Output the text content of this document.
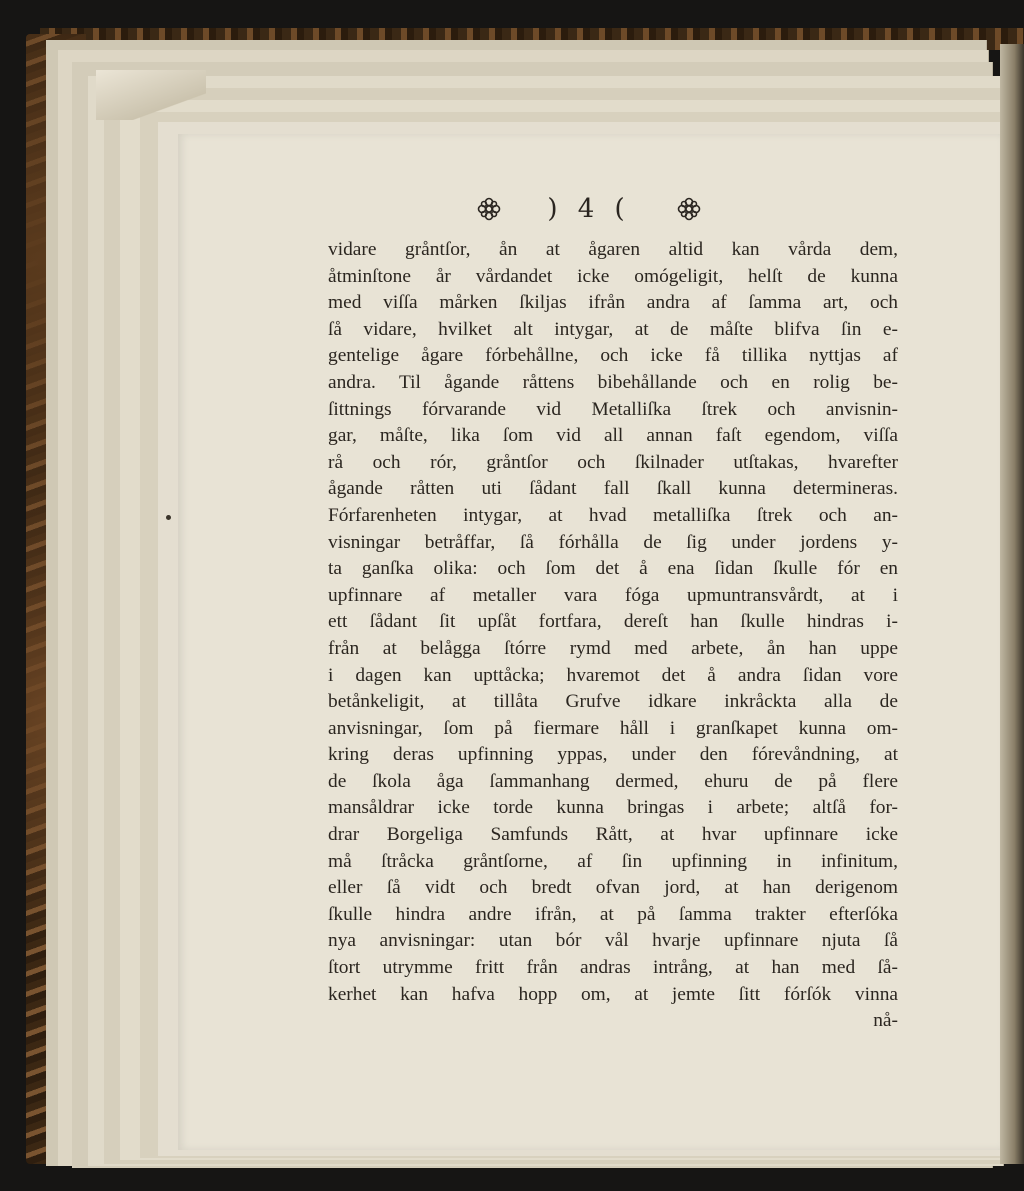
) 4 (
vidare gråntſor, ån at ågaren altid kan vårda dem,
åtminſtone år vårdandet icke omógeligit, helſt de kunna
med viſſa mårken ſkiljas ifrån andra af ſamma art, och
ſå vidare, hvilket alt intygar, at de måſte blifva ſin e-
gentelige ågare fórbehållne, och icke få tillika nyttjas af
andra. Til ågande råttens bibehållande och en rolig be-
ſittnings fórvarande vid Metalliſka ſtrek och anvisnin-
gar, måſte, lika ſom vid all annan faſt egendom, viſſa
rå och rór, gråntſor och ſkilnader utſtakas, hvarefter
ågande råtten uti ſådant fall ſkall kunna determineras.
Fórfarenheten intygar, at hvad metalliſka ſtrek och an-
visningar betråffar, ſå fórhålla de ſig under jordens y-
ta ganſka olika: och ſom det å ena ſidan ſkulle fór en
upfinnare af metaller vara fóga upmuntransvårdt, at i
ett ſådant ſit upſåt fortfara, dereſt han ſkulle hindras i-
från at belågga ſtórre rymd med arbete, ån han uppe
i dagen kan upttåcka; hvaremot det å andra ſidan vore
betånkeligit, at tillåta Grufve idkare inkråckta alla de
anvisningar, ſom på fiermare håll i granſkapet kunna om-
kring deras upfinning yppas, under den fórevåndning, at
de ſkola åga ſammanhang dermed, ehuru de på flere
mansåldrar icke torde kunna bringas i arbete; altſå for-
drar Borgeliga Samfunds Rått, at hvar upfinnare icke
må ſtråcka gråntſorne, af ſin upfinning in infinitum,
eller ſå vidt och bredt ofvan jord, at han derigenom
ſkulle hindra andre ifrån, at på ſamma trakter efterſóka
nya anvisningar: utan bór vål hvarje upfinnare njuta ſå
ſtort utrymme fritt från andras intrång, at han med ſå-
kerhet kan hafva hopp om, at jemte ſitt fórſók vinna
nå-
